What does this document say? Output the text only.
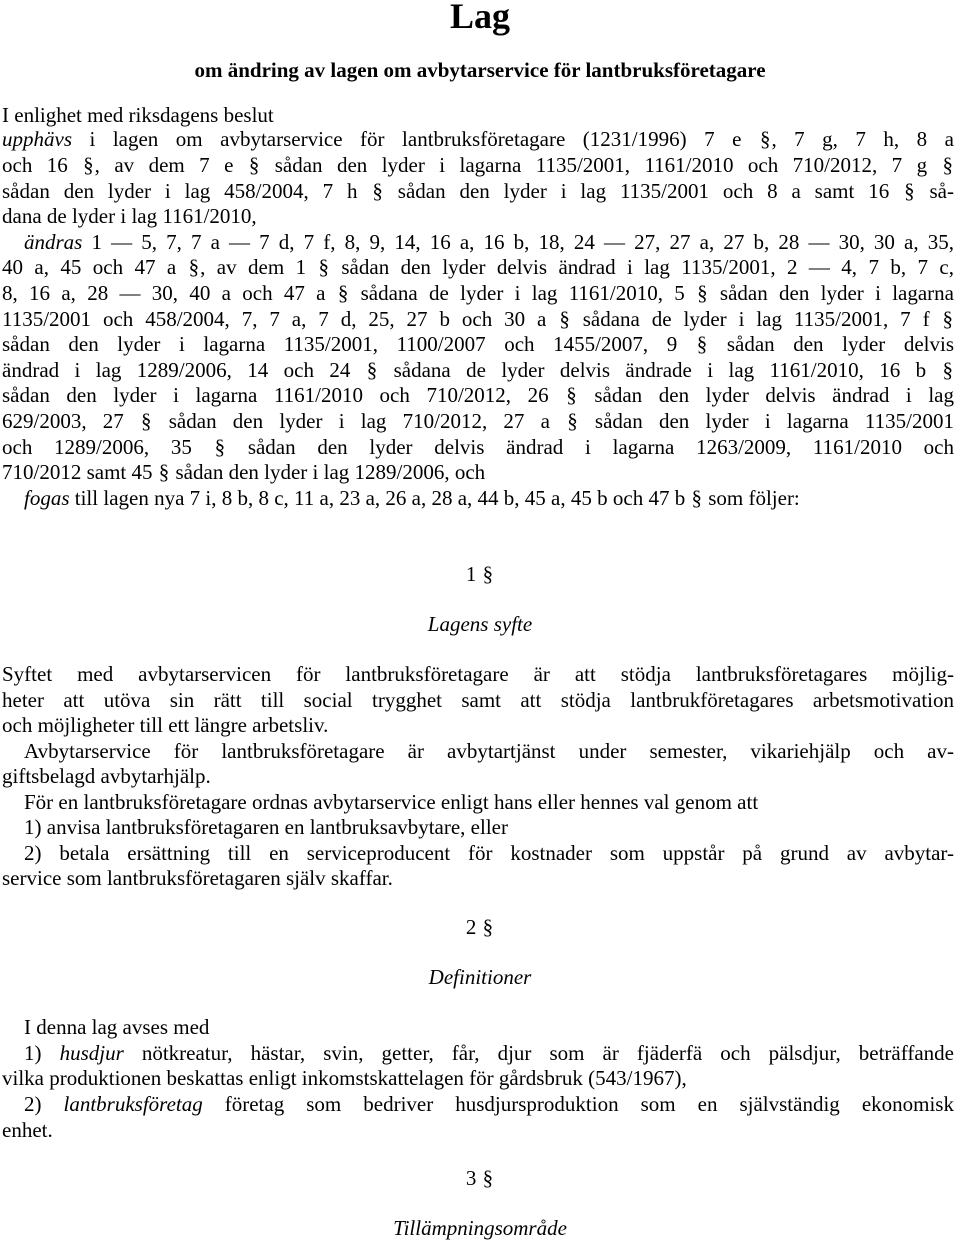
Lag
om ändring av lagen om avbytarservice för lantbruksföretagare
I enlighet med riksdagens beslut
upphävs i lagen om avbytarservice för lantbruksföretagare (1231/1996) 7 e §, 7 g, 7 h, 8 a
och 16 §, av dem 7 e § sådan den lyder i lagarna 1135/2001, 1161/2010 och 710/2012, 7 g §
sådan den lyder i lag 458/2004, 7 h § sådan den lyder i lag 1135/2001 och 8 a samt 16 § så-
dana de lyder i lag 1161/2010,
ändras 1 — 5, 7, 7 a — 7 d, 7 f, 8, 9, 14, 16 a, 16 b, 18, 24 — 27, 27 a, 27 b, 28 — 30, 30 a, 35,
40 a, 45 och 47 a §, av dem 1 § sådan den lyder delvis ändrad i lag 1135/2001, 2 — 4, 7 b, 7 c,
8, 16 a, 28 — 30, 40 a och 47 a § sådana de lyder i lag 1161/2010, 5 § sådan den lyder i lagarna
1135/2001 och 458/2004, 7, 7 a, 7 d, 25, 27 b och 30 a § sådana de lyder i lag 1135/2001, 7 f §
sådan den lyder i lagarna 1135/2001, 1100/2007 och 1455/2007, 9 § sådan den lyder delvis
ändrad i lag 1289/2006, 14 och 24 § sådana de lyder delvis ändrade i lag 1161/2010, 16 b §
sådan den lyder i lagarna 1161/2010 och 710/2012, 26 § sådan den lyder delvis ändrad i lag
629/2003, 27 § sådan den lyder i lag 710/2012, 27 a § sådan den lyder i lagarna 1135/2001
och 1289/2006, 35 § sådan den lyder delvis ändrad i lagarna 1263/2009, 1161/2010 och
710/2012 samt 45 § sådan den lyder i lag 1289/2006, och
fogas till lagen nya 7 i, 8 b, 8 c, 11 a, 23 a, 26 a, 28 a, 44 b, 45 a, 45 b och 47 b § som följer:
1 §
Lagens syfte
Syftet med avbytarservicen för lantbruksföretagare är att stödja lantbruksföretagares möjlig-
heter att utöva sin rätt till social trygghet samt att stödja lantbrukföretagares arbetsmotivation
och möjligheter till ett längre arbetsliv.
Avbytarservice för lantbruksföretagare är avbytartjänst under semester, vikariehjälp och av-
giftsbelagd avbytarhjälp.
För en lantbruksföretagare ordnas avbytarservice enligt hans eller hennes val genom att
1) anvisa lantbruksföretagaren en lantbruksavbytare, eller
2) betala ersättning till en serviceproducent för kostnader som uppstår på grund av avbytar-
service som lantbruksföretagaren själv skaffar.
2 §
Definitioner
I denna lag avses med
1) husdjur nötkreatur, hästar, svin, getter, får, djur som är fjäderfä och pälsdjur, beträffande
vilka produktionen beskattas enligt inkomstskattelagen för gårdsbruk (543/1967),
2) lantbruksföretag företag som bedriver husdjursproduktion som en självständig ekonomisk
enhet.
3 §
Tillämpningsområde
